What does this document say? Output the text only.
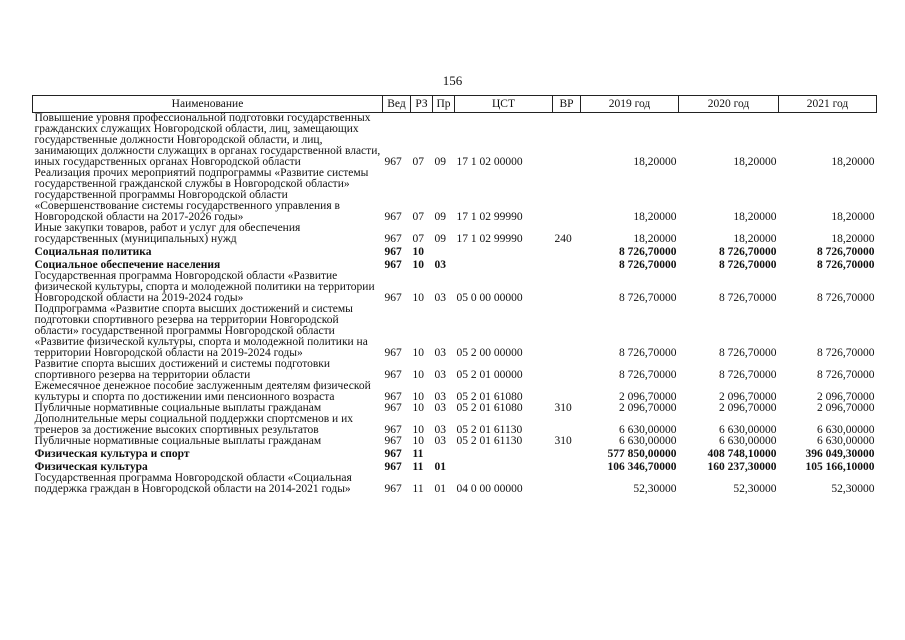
156
Наименование	Вед	РЗ	Пр	ЦСТ	ВР	2019 год	2020 год	2021 год
Повышение уровня профессиональной подготовки государственных гражданских служащих Новгородской области, лиц, замещающих государственные должности Новгородской области, и лиц, занимающих должности служащих в органах государственной власти, иных государственных органах Новгородской области	967	07	09	17 1 02 00000		18,20000	18,20000	18,20000
Реализация прочих мероприятий подпрограммы «Развитие системы государственной гражданской службы в Новгородской области» государственной программы Новгородской области «Совершенствование системы государственного управления в Новгородской области на 2017-2026 годы»	967	07	09	17 1 02 99990		18,20000	18,20000	18,20000
Иные закупки товаров, работ и услуг для обеспечения государственных (муниципальных) нужд	967	07	09	17 1 02 99990	240	18,20000	18,20000	18,20000
Социальная политика	967	10				8 726,70000	8 726,70000	8 726,70000
Социальное обеспечение населения	967	10	03			8 726,70000	8 726,70000	8 726,70000
Государственная программа Новгородской области «Развитие физической культуры, спорта и молодежной политики на территории Новгородской области на 2019-2024 годы»	967	10	03	05 0 00 00000		8 726,70000	8 726,70000	8 726,70000
Подпрограмма «Развитие спорта высших достижений и системы подготовки спортивного резерва на территории Новгородской области» государственной программы Новгородской области «Развитие физической культуры, спорта и молодежной политики на территории Новгородской области на 2019-2024 годы»	967	10	03	05 2 00 00000		8 726,70000	8 726,70000	8 726,70000
Развитие спорта высших достижений и системы подготовки спортивного резерва на территории области	967	10	03	05 2 01 00000		8 726,70000	8 726,70000	8 726,70000
Ежемесячное денежное пособие заслуженным деятелям физической культуры и спорта по достижении ими пенсионного возраста	967	10	03	05 2 01 61080		2 096,70000	2 096,70000	2 096,70000
Публичные нормативные социальные выплаты гражданам	967	10	03	05 2 01 61080	310	2 096,70000	2 096,70000	2 096,70000
Дополнительные меры социальной поддержки спортсменов и их тренеров за достижение высоких спортивных результатов	967	10	03	05 2 01 61130		6 630,00000	6 630,00000	6 630,00000
Публичные нормативные социальные выплаты гражданам	967	10	03	05 2 01 61130	310	6 630,00000	6 630,00000	6 630,00000
Физическая культура и спорт	967	11				577 850,00000	408 748,10000	396 049,30000
Физическая культура	967	11	01			106 346,70000	160 237,30000	105 166,10000
Государственная программа Новгородской области «Социальная поддержка граждан в Новгородской области на 2014-2021 годы»	967	11	01	04 0 00 00000		52,30000	52,30000	52,30000
